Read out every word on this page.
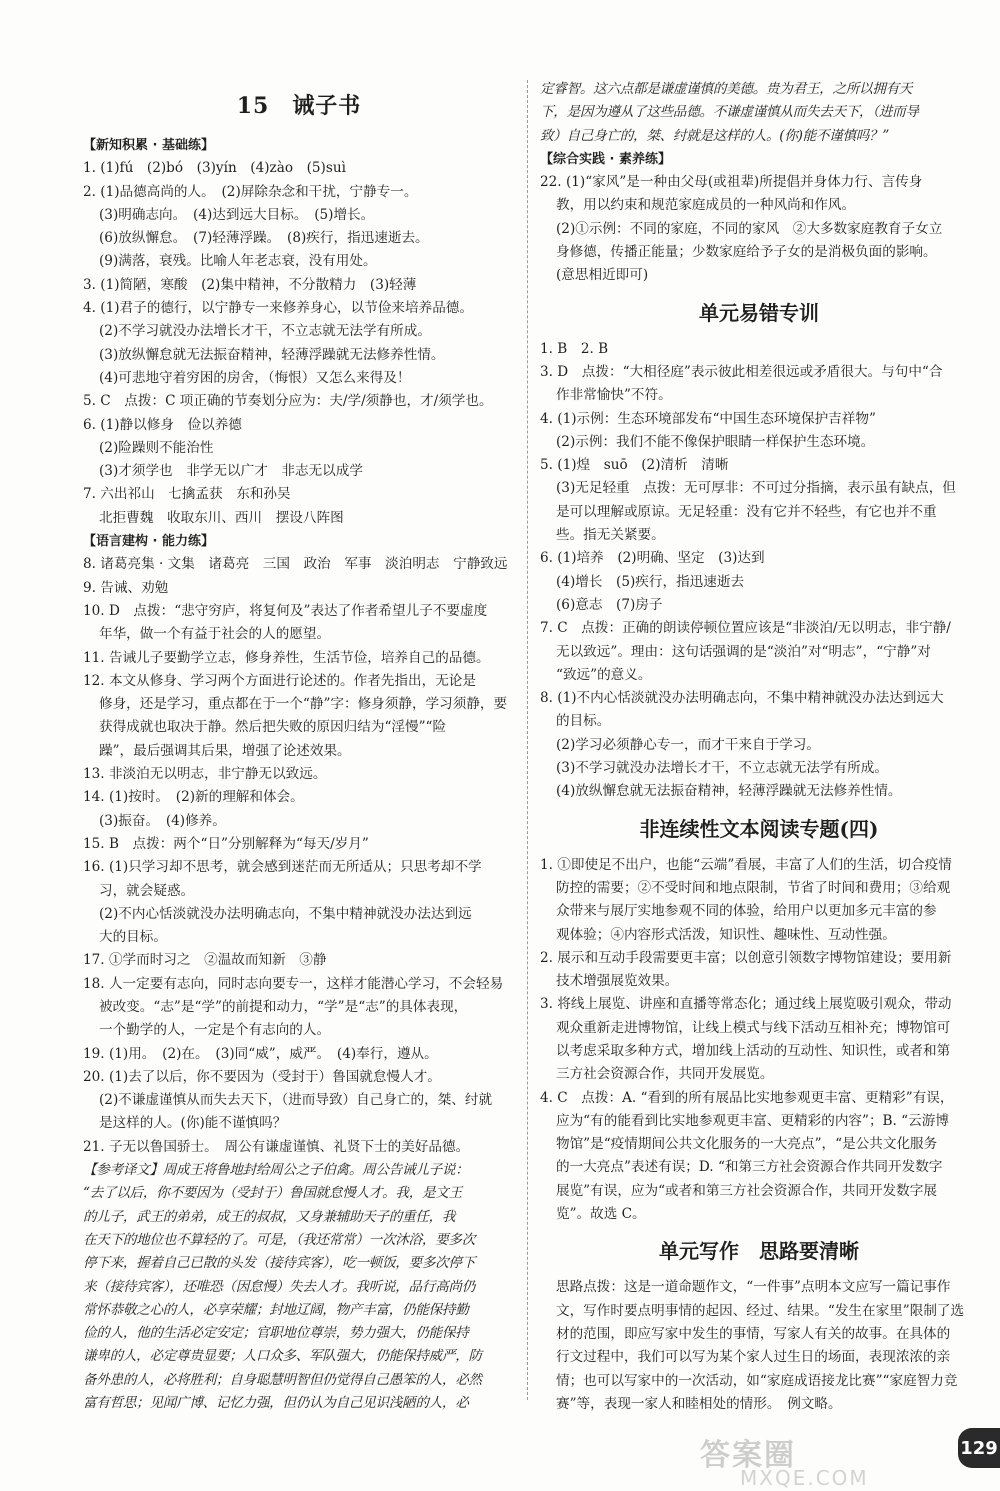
15　诫子书
【新知积累 · 基础练】
1. (1)fú　(2)bó　(3)yín　(4)zào　(5)suì
2. (1)品德高尚的人。　(2)屏除杂念和干扰，宁静专一。
(3)明确志向。　(4)达到远大目标。　(5)增长。
(6)放纵懈怠。　(7)轻薄浮躁。　(8)疾行，指迅速逝去。
(9)满落，衰残。比喻人年老志衰，没有用处。
3. (1)简陋，寒酸　(2)集中精神，不分散精力　(3)轻薄
4. (1)君子的德行，以宁静专一来修养身心，以节俭来培养品德。
(2)不学习就没办法增长才干，不立志就无法学有所成。
(3)放纵懈怠就无法振奋精神，轻薄浮躁就无法修养性情。
(4)可悲地守着穷困的房舍，（悔恨）又怎么来得及！
5. C　点拨：C 项正确的节奏划分应为：夫/学/须静也，才/须学也。
6. (1)静以修身　俭以养德
(2)险躁则不能治性
(3)才须学也　非学无以广才　非志无以成学
7. 六出祁山　七擒孟获　东和孙吴
北拒曹魏　收取东川、西川　摆设八阵图
【语言建构 · 能力练】
8. 诸葛亮集 · 文集　诸葛亮　三国　政治　军事　淡泊明志　宁静致远
9. 告诫、劝勉
10. D　点拨：“悲守穷庐，将复何及”表达了作者希望儿子不要虚度
年华，做一个有益于社会的人的愿望。
11. 告诫儿子要勤学立志，修身养性，生活节俭，培养自己的品德。
12. 本文从修身、学习两个方面进行论述的。作者先指出，无论是
修身，还是学习，重点都在于一个“静”字：修身须静，学习须静，要
获得成就也取决于静。然后把失败的原因归结为“淫慢”“险
躁”，最后强调其后果，增强了论述效果。
13. 非淡泊无以明志，非宁静无以致远。
14. (1)按时。　(2)新的理解和体会。
(3)振奋。　(4)修养。
15. B　点拨：两个“日”分别解释为“每天/岁月”
16. (1)只学习却不思考，就会感到迷茫而无所适从；只思考却不学
习，就会疑惑。
(2)不内心恬淡就没办法明确志向，不集中精神就没办法达到远
大的目标。
17. ①学而时习之　②温故而知新　③静
18. 人一定要有志向，同时志向要专一，这样才能潜心学习，不会轻易
被改变。“志”是“学”的前提和动力，“学”是“志”的具体表现，
一个勤学的人，一定是个有志向的人。
19. (1)用。　(2)在。　(3)同“威”，威严。　(4)奉行，遵从。
20. (1)去了以后，你不要因为（受封于）鲁国就怠慢人才。
(2)不谦虚谨慎从而失去天下，（进而导致）自己身亡的，桀、纣就
是这样的人。(你)能不谨慎吗？
21. 子无以鲁国骄士。　周公有谦虚谨慎、礼贤下士的美好品德。
【参考译文】周成王将鲁地封给周公之子伯禽。周公告诫儿子说：
“去了以后，你不要因为（受封于）鲁国就怠慢人才。我，是文王
的儿子，武王的弟弟，成王的叔叔，又身兼辅助天子的重任，我
在天下的地位也不算轻的了。可是，（我还常常）一次沐浴，要多次
停下来，握着自己已散的头发（接待宾客），吃一顿饭，要多次停下
来（接待宾客），还唯恐（因怠慢）失去人才。我听说，品行高尚仍
常怀恭敬之心的人，必享荣耀；封地辽阔，物产丰富，仍能保持勤
俭的人，他的生活必定安定；官职地位尊崇，势力强大，仍能保持
谦卑的人，必定尊贵显要；人口众多、军队强大，仍能保持威严，防
备外患的人，必将胜利；自身聪慧明智但仍觉得自己愚笨的人，必然
富有哲思；见闻广博、记忆力强，但仍认为自己见识浅陋的人，必
定睿智。这六点都是谦虚谨慎的美德。贵为君王，之所以拥有天
下，是因为遵从了这些品德。不谦虚谨慎从而失去天下，（进而导
致）自己身亡的，桀、纣就是这样的人。(你)能不谨慎吗？”
【综合实践 · 素养练】
22. (1)“家风”是一种由父母(或祖辈)所提倡并身体力行、言传身
教，用以约束和规范家庭成员的一种风尚和作风。
(2)①示例：不同的家庭，不同的家风　②大多数家庭教育子女立
身修德，传播正能量；少数家庭给予子女的是消极负面的影响。
(意思相近即可)
单元易错专训
1. B　2. B
3. D　点拨：“大相径庭”表示彼此相差很远或矛盾很大。与句中“合
作非常愉快”不符。
4. (1)示例：生态环境部发布“中国生态环境保护吉祥物”
(2)示例：我们不能不像保护眼睛一样保护生态环境。
5. (1)煌　suō　(2)清析　清晰
(3)无足轻重　点拨：无可厚非：不可过分指摘，表示虽有缺点，但
是可以理解或原谅。无足轻重：没有它并不轻些，有它也并不重
些。指无关紧要。
6. (1)培养　(2)明确、坚定　(3)达到
(4)增长　(5)疾行，指迅速逝去
(6)意志　(7)房子
7. C　点拨：正确的朗读停顿位置应该是“非淡泊/无以明志，非宁静/
无以致远”。理由：这句话强调的是“淡泊”对“明志”，“宁静”对
“致远”的意义。
8. (1)不内心恬淡就没办法明确志向，不集中精神就没办法达到远大
的目标。
(2)学习必须静心专一，而才干来自于学习。
(3)不学习就没办法增长才干，不立志就无法学有所成。
(4)放纵懈怠就无法振奋精神，轻薄浮躁就无法修养性情。
非连续性文本阅读专题(四)
1. ①即使足不出户，也能“云端”看展，丰富了人们的生活，切合疫情
防控的需要；②不受时间和地点限制，节省了时间和费用；③给观
众带来与展厅实地参观不同的体验，给用户以更加多元丰富的参
观体验；④内容形式活泼，知识性、趣味性、互动性强。
2. 展示和互动手段需要更丰富；以创意引领数字博物馆建设；要用新
技术增强展览效果。
3. 将线上展览、讲座和直播等常态化；通过线上展览吸引观众，带动
观众重新走进博物馆，让线上模式与线下活动互相补充；博物馆可
以考虑采取多种方式，增加线上活动的互动性、知识性，或者和第
三方社会资源合作，共同开发展览。
4. C　点拨：A. “看到的所有展品比实地参观更丰富、更精彩”有误，
应为“有的能看到比实地参观更丰富、更精彩的内容”；B. “云游博
物馆”是“疫情期间公共文化服务的一大亮点”，“是公共文化服务
的一大亮点”表述有误；D. “和第三方社会资源合作共同开发数字
展览”有误，应为“或者和第三方社会资源合作，共同开发数字展
览”。故选 C。
单元写作　思路要清晰
思路点拨：这是一道命题作文，“一件事”点明本文应写一篇记事作
文，写作时要点明事情的起因、经过、结果。“发生在家里”限制了选
材的范围，即应写家中发生的事情，写家人有关的故事。在具体的
行文过程中，我们可以写为某个家人过生日的场面，表现浓浓的亲
情；也可以写家中的一次活动，如“家庭成语接龙比赛”“家庭智力竞
赛”等，表现一家人和睦相处的情形。　例文略。
答案圈
MXQE.COM
129
